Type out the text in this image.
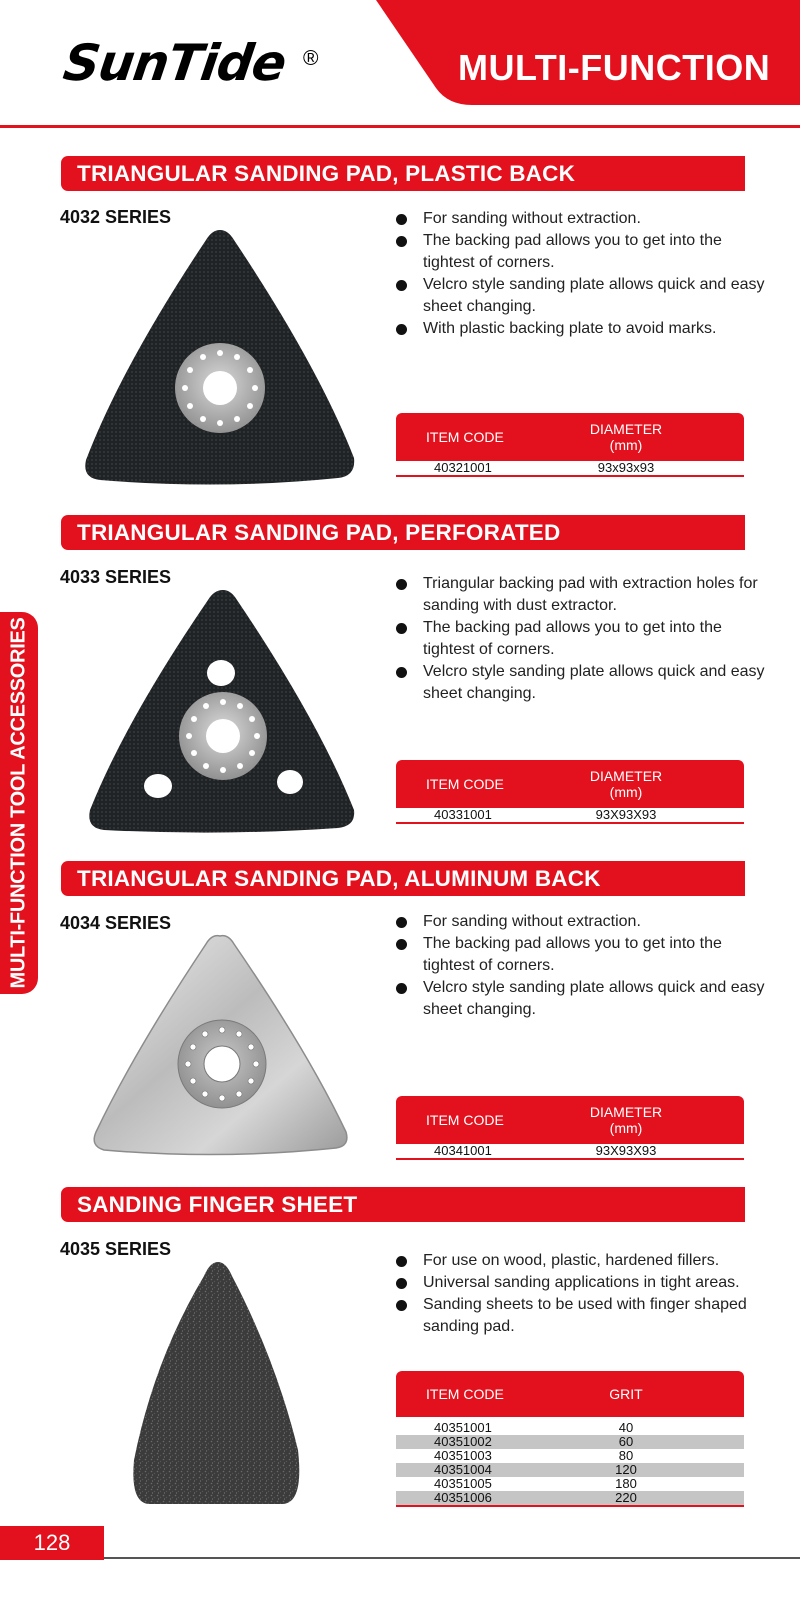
SunTide ®	MULTI-FUNCTION
MULTI-FUNCTION TOOL ACCESSORIES
TRIANGULAR SANDING PAD, PLASTIC BACK
4032 SERIES	For sanding without extraction.
The backing pad allows you to get into the tightest of corners.
Velcro style sanding plate allows quick and easy sheet changing.
With plastic backing plate to avoid marks.
ITEM CODE	DIAMETER
(mm)
40321001	93x93x93
TRIANGULAR SANDING PAD, PERFORATED
4033 SERIES	Triangular backing pad with extraction holes for sanding with dust extractor.
The backing pad allows you to get into the tightest of corners.
Velcro style sanding plate allows quick and easy sheet changing.
ITEM CODE	DIAMETER
(mm)
40331001	93X93X93
TRIANGULAR SANDING PAD, ALUMINUM BACK
4034 SERIES	For sanding without extraction.
The backing pad allows you to get into the tightest of corners.
Velcro style sanding plate allows quick and easy sheet changing.
ITEM CODE	DIAMETER
(mm)
40341001	93X93X93
SANDING FINGER SHEET
4035 SERIES
For use on wood, plastic, hardened fillers.
Universal sanding applications in tight areas.
Sanding sheets to be used with finger shaped sanding pad.
ITEM CODE	GRIT
40351001	40
40351002	60
40351003	80
40351004	120
40351005	180
40351006	220
128
